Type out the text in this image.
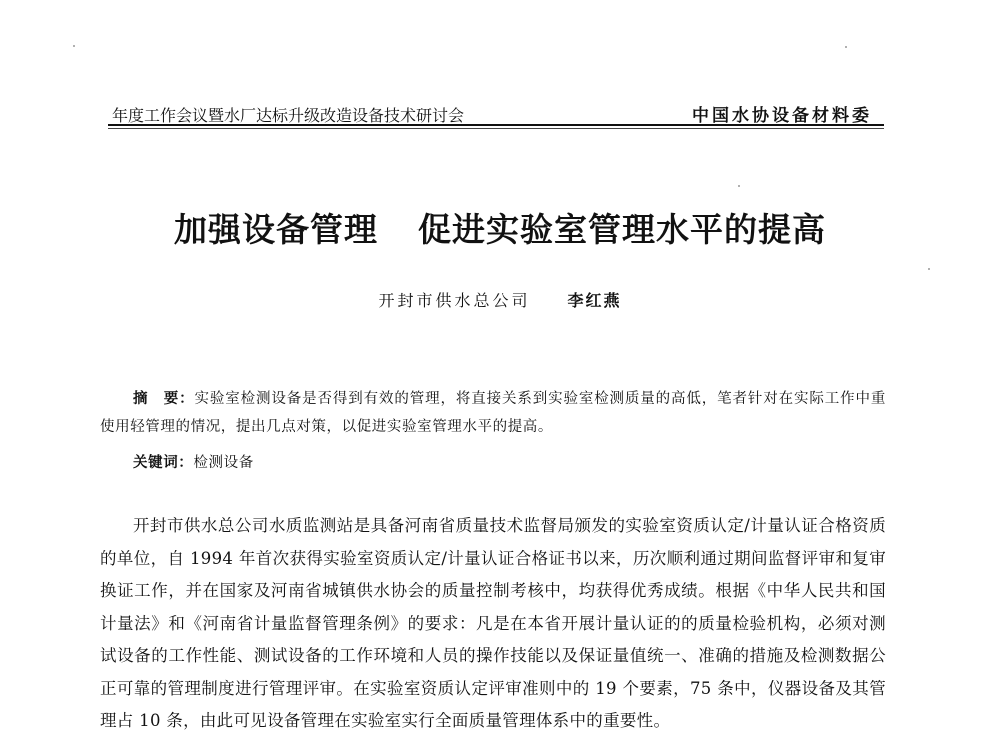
年度工作会议暨水厂达标升级改造设备技术研讨会	中国水协设备材料委
加强设备管理 促进实验室管理水平的提高
开封市供水总公司 李红燕
摘　要：实验室检测设备是否得到有效的管理，将直接关系到实验室检测质量的高低，笔者针对在实际工作中重使用轻管理的情况，提出几点对策，以促进实验室管理水平的提高。
关键词：检测设备
开封市供水总公司水质监测站是具备河南省质量技术监督局颁发的实验室资质认定/计量认证合格资质的单位，自 1994 年首次获得实验室资质认定/计量认证合格证书以来，历次顺利通过期间监督评审和复审换证工作，并在国家及河南省城镇供水协会的质量控制考核中，均获得优秀成绩。根据《中华人民共和国计量法》和《河南省计量监督管理条例》的要求：凡是在本省开展计量认证的的质量检验机构，必须对测试设备的工作性能、测试设备的工作环境和人员的操作技能以及保证量值统一、准确的措施及检测数据公正可靠的管理制度进行管理评审。在实验室资质认定评审准则中的 19 个要素，75 条中，仪器设备及其管理占 10 条，由此可见设备管理在实验室实行全面质量管理体系中的重要性。
